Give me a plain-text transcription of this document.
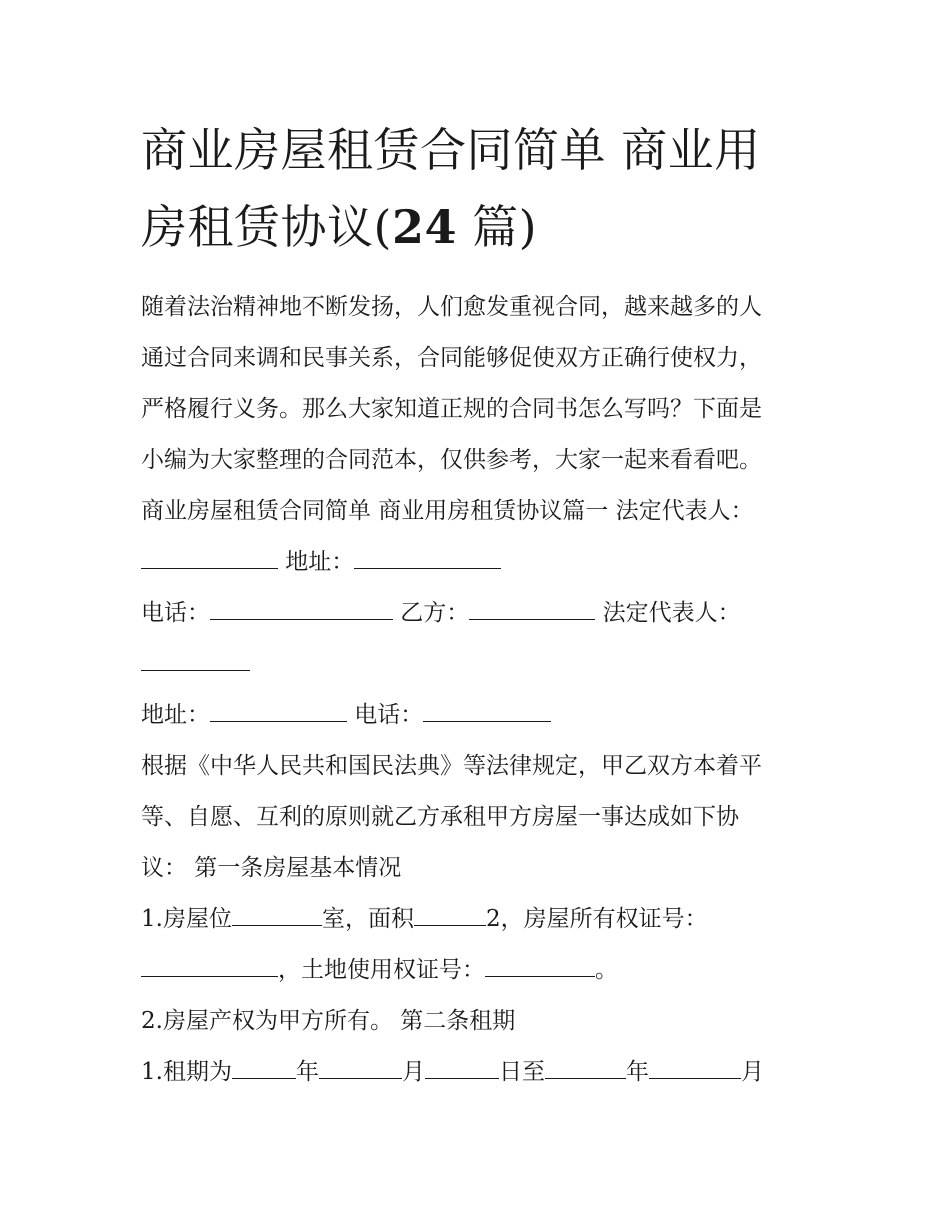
商业房屋租赁合同简单 商业用
房租赁协议(24 篇)

随着法治精神地不断发扬，人们愈发重视合同，越来越多的人

通过合同来调和民事关系，合同能够促使双方正确行使权力，

严格履行义务。那么大家知道正规的合同书怎么写吗？下面是

小编为大家整理的合同范本，仅供参考，大家一起来看看吧。

商业房屋租赁合同简单 商业用房租赁协议篇一 法定代表人：

地址：

电话：	乙方：	法定代表人：

地址：	电话：

根据《中华人民共和国民法典》等法律规定，甲乙双方本着平

等、自愿、互利的原则就乙方承租甲方房屋一事达成如下协

议： 第一条房屋基本情况

1.房屋位	室，面积	2，房屋所有权证号：

，土地使用权证号：	。

2.房屋产权为甲方所有。 第二条租期

1.租期为	年	月	日至	年	月
